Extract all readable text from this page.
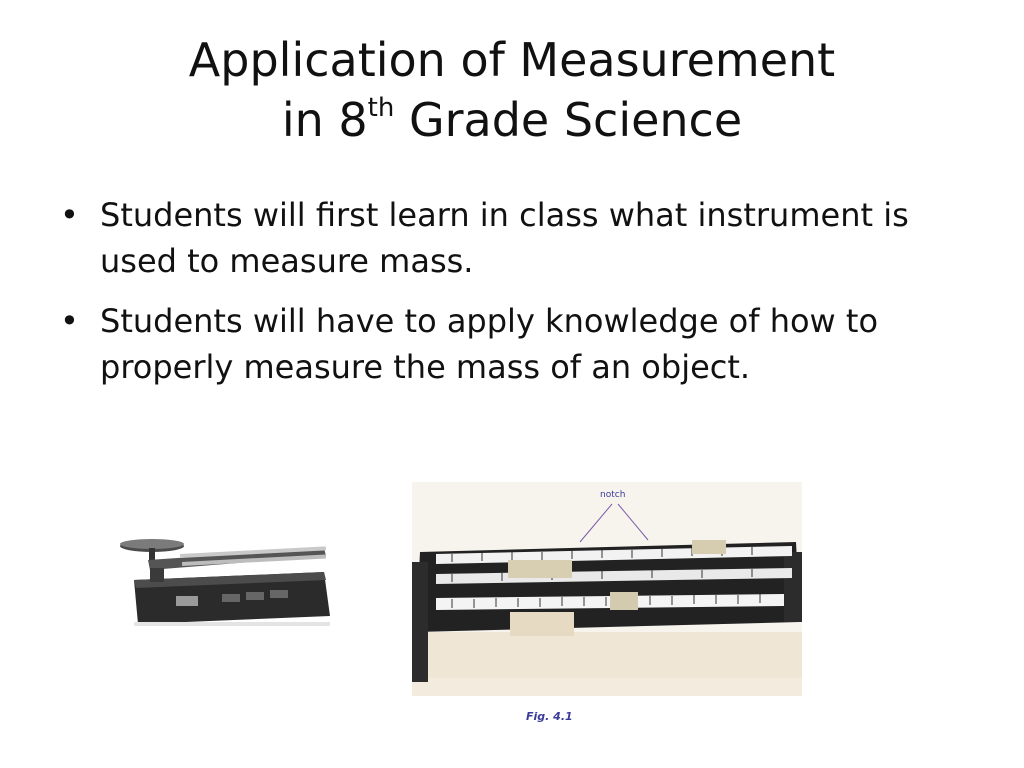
Application of Measurement
in 8th Grade Science
• Students will first learn in class what instrument is used to measure mass.
• Students will have to apply knowledge of how to properly measure the mass of an object.
notch
Fig. 4.1
